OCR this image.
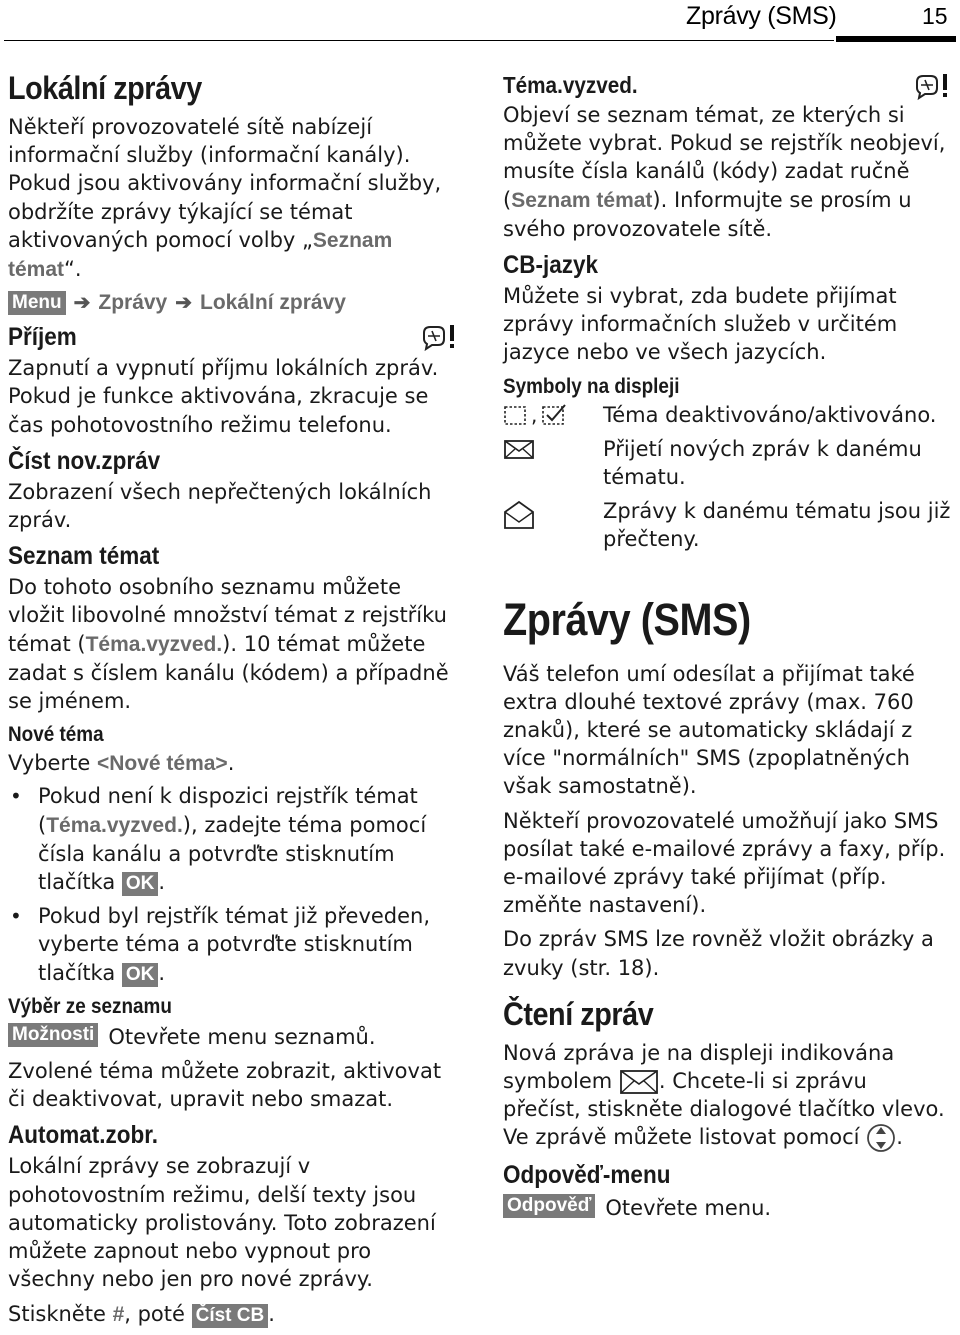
Zprávy (SMS)	15
Lokální zprávy

Někteří provozovatelé sítě nabízejí informační služby (informační kanály). Pokud jsou aktivovány informační služby, obdržíte zprávy týkající se témat aktivovaných pomocí volby „Seznam témat“.

Menu ➔ Zprávy ➔ Lokální zprávy
Příjem

Zapnutí a vypnutí příjmu lokálních zpráv. Pokud je funkce aktivována, zkracuje se čas pohotovostního režimu telefonu.

Číst nov.zpráv

Zobrazení všech nepřečtených lokálních zpráv.

Seznam témat

Do tohoto osobního seznamu můžete vložit libovolné množství témat z rejstříku témat (Téma.vyzved.). 10 témat můžete zadat s číslem kanálu (kódem) a případně se jménem.

Nové téma

Vyberte <Nové téma>.

• Pokud není k dispozici rejstřík témat (Téma.vyzved.), zadejte téma pomocí čísla kanálu a potvrďte stisknutím tlačítka OK .
• Pokud byl rejstřík témat již převeden, vyberte téma a potvrďte stisknutím tlačítka OK .
Výběr ze seznamu
Možnosti Otevřete menu seznamů.

Zvolené téma můžete zobrazit, aktivovat či deaktivovat, upravit nebo smazat.

Automat.zobr.

Lokální zprávy se zobrazují v pohotovostním režimu, delší texty jsou automaticky prolistovány. Toto zobrazení můžete zapnout nebo vypnout pro všechny nebo jen pro nové zprávy.

Stiskněte #, poté Číst CB .

Téma.vyzved.

Objeví se seznam témat, ze kterých si můžete vybrat. Pokud se rejstřík neobjeví, musíte čísla kanálů (kódy) zadat ručně (Seznam témat). Informujte se prosím u svého provozovatele sítě.

CB-jazyk

Můžete si vybrat, zda budete přijímat zprávy informačních služeb v určitém jazyce nebo ve všech jazycích.

Symboly na displeji
,	Téma deaktivováno/aktivováno.
Přijetí nových zpráv k danému tématu.
Zprávy k danému tématu jsou již přečteny.
Zprávy (SMS)

Váš telefon umí odesílat a přijímat také extra dlouhé textové zprávy (max. 760 znaků), které se automaticky skládají z více "normálních" SMS (zpoplatněných však samostatně).

Někteří provozovatelé umožňují jako SMS posílat také e-mailové zprávy a faxy, příp. e-mailové zprávy také přijímat (příp. změňte nastavení).

Do zpráv SMS lze rovněž vložit obrázky a zvuky (str. 18).

Čtení zpráv

Nová zpráva je na displeji indikována symbolem . Chcete-li si zprávu přečíst, stiskněte dialogové tlačítko vlevo. Ve zprávě můžete listovat pomocí .

Odpověď-menu
Odpověď Otevřete menu.
